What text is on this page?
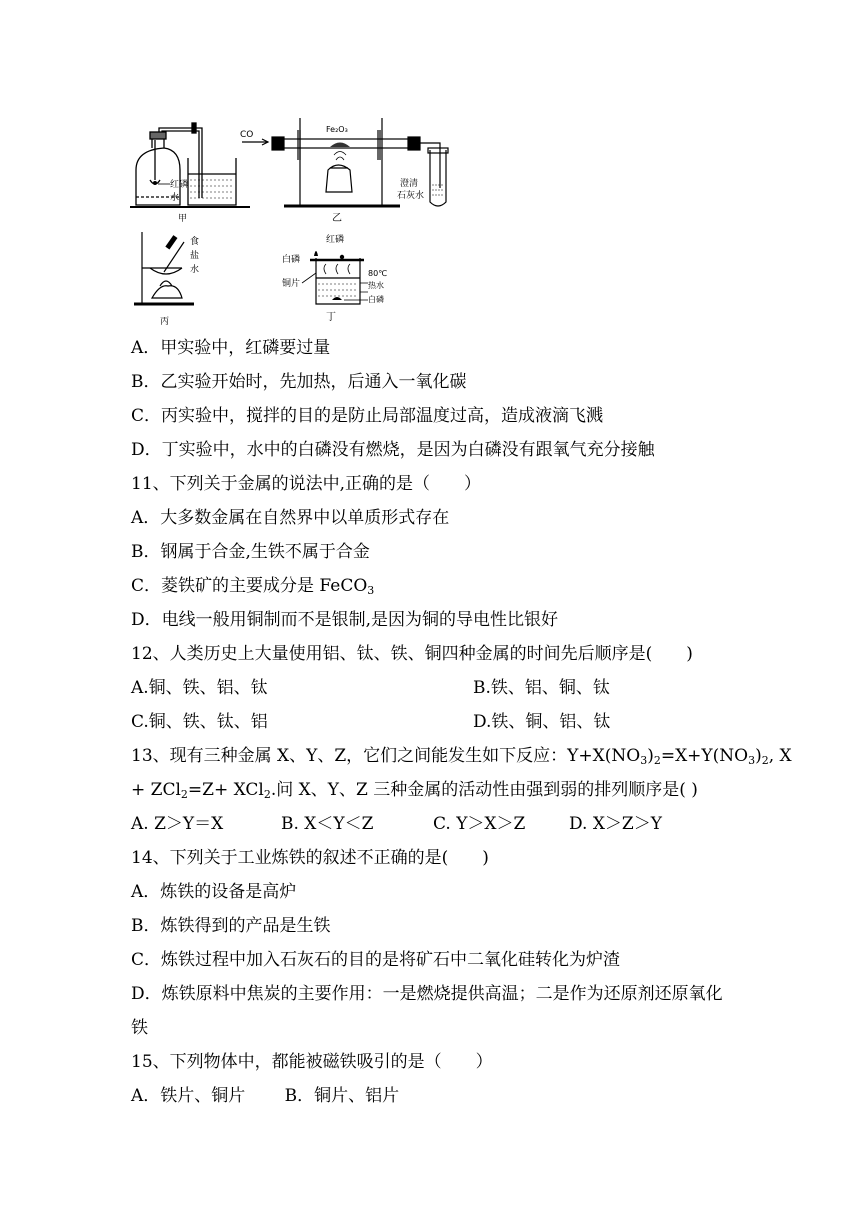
红磷
水
甲
CO
Fe₂O₃
澄清
石灰水
乙
食
盐
水
丙
红磷
白磷
80℃
热水
白磷
铜片
丁
A．甲实验中，红磷要过量
B．乙实验开始时，先加热，后通入一氧化碳
C．丙实验中，搅拌的目的是防止局部温度过高，造成液滴飞溅
D．丁实验中，水中的白磷没有燃烧，是因为白磷没有跟氧气充分接触
11、下列关于金属的说法中,正确的是（　　）
A．大多数金属在自然界中以单质形式存在
B．钢属于合金,生铁不属于合金
C．菱铁矿的主要成分是 FeCO$_3$
D．电线一般用铜制而不是银制,是因为铜的导电性比银好
12、人类历史上大量使用铝、钛、铁、铜四种金属的时间先后顺序是(　　)
A.铜、铁、铝、钛	B.铁、铝、铜、钛
C.铜、铁、钛、铝	D.铁、铜、铝、钛
13、现有三种金属 X、Y、Z，它们之间能发生如下反应：$Y+X(NO_3)_2=X+Y(NO_3)_2$, X
+ ZCl$_2$=Z+ XCl$_2$.问 X、Y、Z 三种金属的活动性由强到弱的排列顺序是( )
A. Z＞Y＝X	B. X＜Y＜Z	C. Y＞X＞Z	D. X＞Z＞Y
14、下列关于工业炼铁的叙述不正确的是(　　)
A．炼铁的设备是高炉
B．炼铁得到的产品是生铁
C．炼铁过程中加入石灰石的目的是将矿石中二氧化硅转化为炉渣
D．炼铁原料中焦炭的主要作用：一是燃烧提供高温；二是作为还原剂还原氧化
铁
15、下列物体中，都能被磁铁吸引的是（　　）
A．铁片、铜片　　 B．铜片、铝片
